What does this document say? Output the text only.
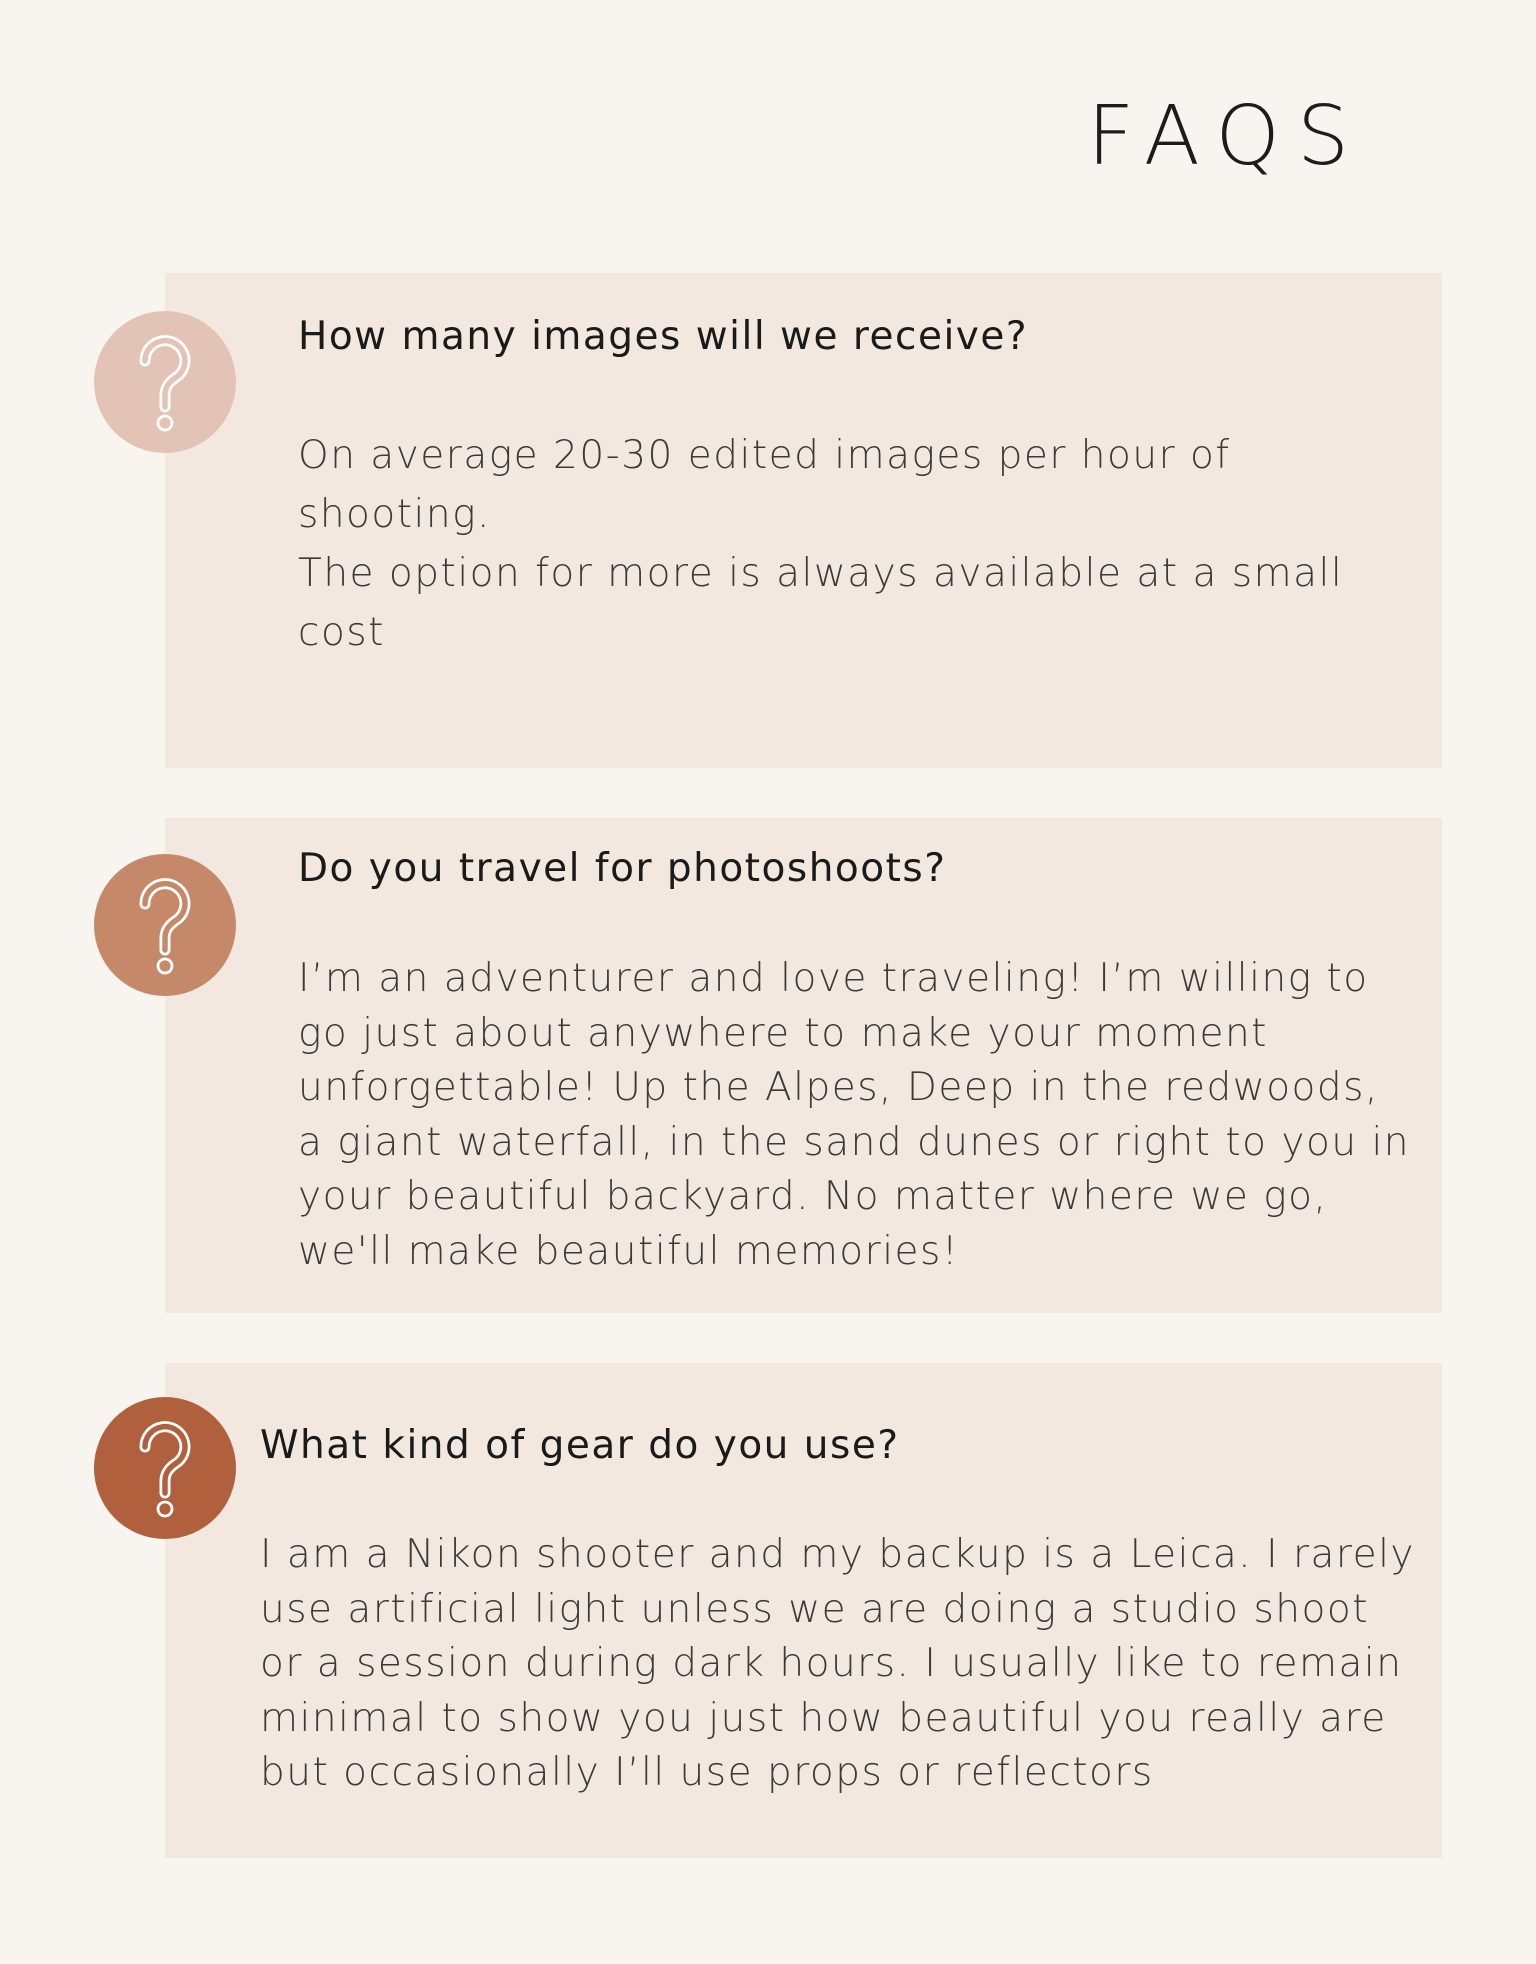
FAQS
How many images will we receive?

On average 20-30 edited images per hour of shooting.

The option for more is always available at a small cost

Do you travel for photoshoots?

I’m an adventurer and love traveling! I’m willing to go just about anywhere to make your moment unforgettable! Up the Alpes, Deep in the redwoods, a giant waterfall, in the sand dunes or right to you in your beautiful backyard. No matter where we go, we'll make beautiful memories!

What kind of gear do you use?

I am a Nikon shooter and my backup is a Leica. I rarely use artificial light unless we are doing a studio shoot or a session during dark hours. I usually like to remain minimal to show you just how beautiful you really are but occasionally I’ll use props or reflectors
